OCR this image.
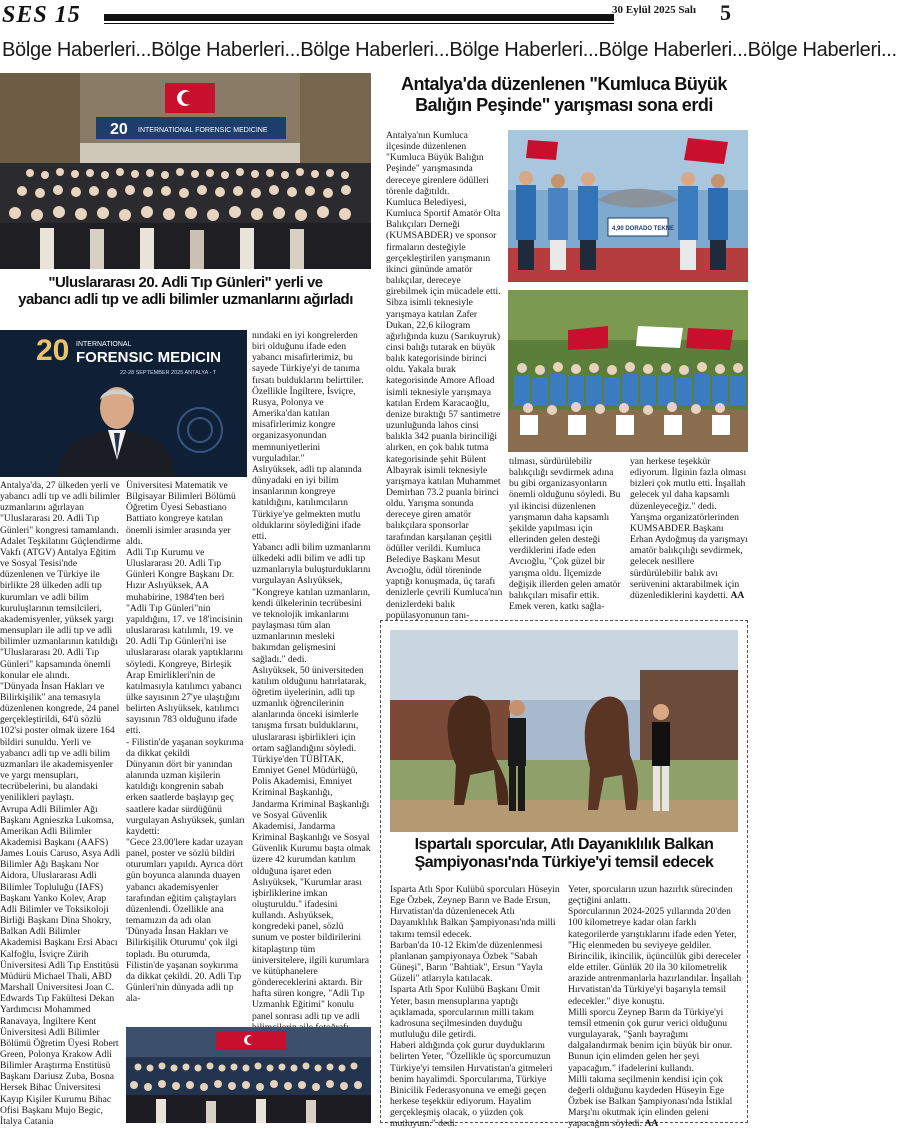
SES 15	30 Eylül 2025 Salı 5
Bölge Haberleri...Bölge Haberleri...Bölge Haberleri...Bölge Haberleri...Bölge Haberleri...Bölge Haberleri...
20 INTERNATIONAL FORENSIC MEDICINE
"Uluslararası 20. Adli Tıp Günleri" yerli ve
yabancı adli tıp ve adli bilimler uzmanlarını ağırladı
20 INTERNATIONAL
FORENSIC MEDICIN
22-28 SEPTEMBER 2025 ANTALYA - T

Antalya'da, 27 ülkeden yerli ve yabancı adli tıp ve adli bilimler uzmanlarını ağırlayan "Uluslararası 20. Adli Tıp Günleri" kongresi tamamlandı.

Adalet Teşkilatını Güçlendirme Vakfı (ATGV) Antalya Eğitim ve Sosyal Tesisi'nde düzenlenen ve Türkiye ile birlikte 28 ülkeden adli tıp kurumları ve adli bilim kuruluşlarının temsilcileri, akademisyenler, yüksek yargı mensupları ile adli tıp ve adli bilimler uzmanlarının katıldığı "Uluslararası 20. Adli Tıp Günleri" kapsamında önemli konular ele alındı.

"Dünyada İnsan Hakları ve Bilirkişilik" ana temasıyla düzenlenen kongrede, 24 panel gerçekleştirildi, 64'ü sözlü 102'si poster olmak üzere 164 bildiri sunuldu. Yerli ve yabancı adli tıp ve adli bilim uzmanları ile akademisyenler ve yargı mensupları, tecrübelerini, bu alandaki yenilikleri paylaştı.

Avrupa Adli Bilimler Ağı Başkanı Agnieszka Lukomsa, Amerikan Adli Bilimler Akademisi Başkanı (AAFS) James Louis Caruso, Asya Adli Bilimler Ağı Başkanı Nor Aidora, Uluslararası Adli Bilimler Topluluğu (IAFS) Başkanı Yanko Kolev, Arap Adli Bilimler ve Toksikoloji Birliği Başkanı Dina Shokry, Balkan Adli Bilimler Akademisi Başkanı Ersi Abacı Kalfoğlu, İsviçre Zürih Üniversitesi Adli Tıp Enstitüsü Müdürü Michael Thali, ABD Marshall Üniversitesi Joan C. Edwards Tıp Fakültesi Dekan Yardımcısı Mohammed Ranavaya, İngiltere Kent Üniversitesi Adli Bilimler Bölümü Öğretim Üyesi Robert Green, Polonya Krakow Adli Bilimler Araştırma Enstitüsü Başkanı Dariusz Zuba, Bosna Hersek Bihac Üniversitesi Kayıp Kişiler Kurumu Bihac Ofisi Başkanı Mujo Begic, İtalya Catania

Üniversitesi Matematik ve Bilgisayar Bilimleri Bölümü Öğretim Üyesi Sebastiano Battiato kongreye katılan önemli isimler arasında yer aldı.

Adli Tıp Kurumu ve Uluslararası 20. Adli Tıp Günleri Kongre Başkanı Dr. Hızır Aslıyüksek, AA muhabirine, 1984'ten beri "Adli Tıp Günleri"nin yapıldığını, 17. ve 18'incisinin uluslararası katılımlı, 19. ve 20. Adli Tıp Günleri'ni ise uluslararası olarak yaptıklarını söyledi. Kongreye, Birleşik Arap Emirlikleri'nin de katılmasıyla katılımcı yabancı ülke sayısının 27'ye ulaştığını belirten Aslıyüksek, katılımcı sayısının 783 olduğunu ifade etti.

- Filistin'de yaşanan soykırıma da dikkat çekildi

Dünyanın dört bir yanından alanında uzman kişilerin katıldığı kongrenin sabah erken saatlerde başlayıp geç saatlere kadar sürdüğünü vurgulayan Aslıyüksek, şunları kaydetti:

"Gece 23.00'lere kadar uzayan panel, poster ve sözlü bildiri oturumları yapıldı. Ayrıca dört gün boyunca alanında duayen yabancı akademisyenler tarafından eğitim çalıştayları düzenlendi. Özellikle ana temamızın da adı olan 'Dünyada İnsan Hakları ve Bilirkişilik Oturumu' çok ilgi topladı. Bu oturumda, Filistin'de yaşanan soykırıma da dikkat çekildi. 20. Adli Tıp Günleri'nin dünyada adli tıp ala-

nındaki en iyi kongrelerden biri olduğunu ifade eden yabancı misafirlerimiz, bu sayede Türkiye'yi de tanıma fırsatı bulduklarını belirttiler. Özellikle İngiltere, İsviçre, Rusya, Polonya ve Amerika'dan katılan misafirlerimiz kongre organizasyonundan memnuniyetlerini vurguladılar."

Aslıyüksek, adli tıp alanında dünyadaki en iyi bilim insanlarının kongreye katıldığını, katılımcıların Türkiye'ye gelmekten mutlu olduklarını söylediğini ifade etti.

Yabancı adli bilim uzmanlarını ülkedeki adli bilim ve adli tıp uzmanlarıyla buluşturduklarını vurgulayan Aslıyüksek, "Kongreye katılan uzmanların, kendi ülkelerinin tecrübesini ve teknolojik imkanlarını paylaşması tüm alan uzmanlarının mesleki bakımdan gelişmesini sağladı." dedi.

Aslıyüksek, 50 üniversiteden katılım olduğunu hatırlatarak, öğretim üyelerinin, adli tıp uzmanlık öğrencilerinin alanlarında önceki isimlerle tanışma fırsatı bulduklarını, uluslararası işbirlikleri için ortam sağlandığını söyledi.

Türkiye'den TÜBİTAK, Emniyet Genel Müdürlüğü, Polis Akademisi, Emniyet Kriminal Başkanlığı, Jandarma Kriminal Başkanlığı ve Sosyal Güvenlik Akademisi, Jandarma Kriminal Başkanlığı ve Sosyal Güvenlik Kurumu başta olmak üzere 42 kurumdan katılım olduğuna işaret eden Aslıyüksek, "Kurumlar arası işbirliklerine imkan oluşturuldu." ifadesini kullandı. Aslıyüksek, kongredeki panel, sözlü sunum ve poster bildirilerini kitaplaştırıp tüm üniversitelere, ilgili kurumlara ve kütüphanelere göndereceklerini aktardı. Bir hafta süren kongre, "Adli Tıp Uzmanlık Eğitimi" konulu panel sonrası adli tıp ve adli

Antalya'da düzenlenen "Kumluca Büyük
Balığın Peşinde" yarışması sona erdi
4,90 DORADO TEKNE

Antalya'nın Kumluca ilçesinde düzenlenen "Kumluca Büyük Balığın Peşinde" yarışmasında dereceye girenlere ödülleri törenle dağıtıldı.

Kumluca Belediyesi, Kumluca Sportif Amatör Olta Balıkçıları Derneği (KUMSABDER) ve sponsor firmaların desteğiyle gerçekleştirilen yarışmanın ikinci gününde amatör balıkçılar, dereceye girebilmek için mücadele etti.

Sibza isimli teknesiyle yarışmaya katılan Zafer Dukan, 22,6 kilogram ağırlığında kuzu (Sarıkuyruk) cinsi balığı tutarak en büyük balık kategorisinde birinci oldu. Yakala bırak kategorisinde Amore Afload isimli teknesiyle yarışmaya katılan Erdem Karacaoğlu, denize bıraktığı 57 santimetre uzunluğunda lahos cinsi balıkla 342 puanla birinciliği alırken, en çok balık tutma kategorisinde şehit Bülent Albayrak isimli teknesiyle yarışmaya katılan Muhammet Demirhan 73.2 puanla birinci oldu. Yarışma sonunda dereceye giren amatör balıkçılara sponsorlar tarafından karşılanan çeşitli ödüller verildi. Kumluca Belediye Başkanı Mesut Avcıoğlu, ödül töreninde yaptığı konuşmada, üç tarafı denizlerle çevrili Kumluca'nın denizlerdeki balık popülasyonunun tanı-

tılması, sürdürülebilir balıkçılığı sevdirmek adına bu gibi organizasyonların önemli olduğunu söyledi. Bu yıl ikincisi düzenlenen yarışmanın daha kapsamlı şekilde yapılması için ellerinden gelen desteği verdiklerini ifade eden Avcıoğlu, "Çok güzel bir yarışma oldu. İlçemizde değişik illerden gelen amatör balıkçıları misafir ettik. Emek veren, katkı sağla-

yan herkese teşekkür ediyorum. İlginin fazla olması bizleri çok mutlu etti. İnşallah gelecek yıl daha kapsamlı düzenleyeceğiz." dedi.

Yarışma organizatörlerinden KUMSABDER Başkanı Erhan Aydoğmuş da yarışmayı amatör balıkçılığı sevdirmek, gelecek nesillere sürdürülebilir balık avı serüvenini aktarabilmek için düzenlediklerini kaydetti. AA

Ispartalı sporcular, Atlı Dayanıklılık Balkan
Şampiyonası'nda Türkiye'yi temsil edecek

Isparta Atlı Spor Kulübü sporcuları Hüseyin Ege Özbek, Zeynep Barın ve Bade Ersun, Hırvatistan'da düzenlenecek Atlı Dayanıklılık Balkan Şampiyonası'nda milli takımı temsil edecek.

Barban'da 10-12 Ekim'de düzenlenmesi planlanan şampiyonaya Özbek "Sabah Güneşi", Barın "Bahtiak", Ersun "Yayla Güzeli" atlarıyla katılacak.

Isparta Atlı Spor Kulübü Başkanı Ümit Yeter, basın mensuplarına yaptığı açıklamada, sporcularının milli takım kadrosuna seçilmesinden duyduğu mutluluğu dile getirdi.

Haberi aldığında çok gurur duyduklarını belirten Yeter, "Özellikle üç sporcumuzun Türkiye'yi temsilen Hırvatistan'a gitmeleri benim hayalimdi. Sporcularıma, Türkiye Binicilik Federasyonuna ve emeği geçen herkese teşekkür ediyorum. Hayalim gerçekleşmiş olacak, o yüzden çok mutluyum." dedi.

Yeter, sporcuların uzun hazırlık sürecinden geçtiğini anlattı.

Sporcularının 2024-2025 yıllarında 20'den 100 kilometreye kadar olan farklı kategorilerde yarıştıklarını ifade eden Yeter, "Hiç elenmeden bu seviyeye geldiler. Birincilik, ikincilik, üçüncülük gibi dereceler elde ettiler. Günlük 20 ila 30 kilometrelik arazide antrenmanlarla hazırlandılar. İnşallah Hırvatistan'da Türkiye'yi başarıyla temsil edecekler." diye konuştu.

Milli sporcu Zeynep Barın da Türkiye'yi temsil etmenin çok gurur verici olduğunu vurgulayarak, "Şanlı bayrağımı dalgalandırmak benim için büyük bir onur. Bunun için elimden gelen her şeyi yapacağım." ifadelerini kullandı.

Milli takıma seçilmenin kendisi için çok değerli olduğunu kaydeden Hüseyin Ege Özbek ise Balkan Şampiyonası'nda İstiklal Marşı'nı okutmak için elinden geleni yapacağını söyledi. AA
